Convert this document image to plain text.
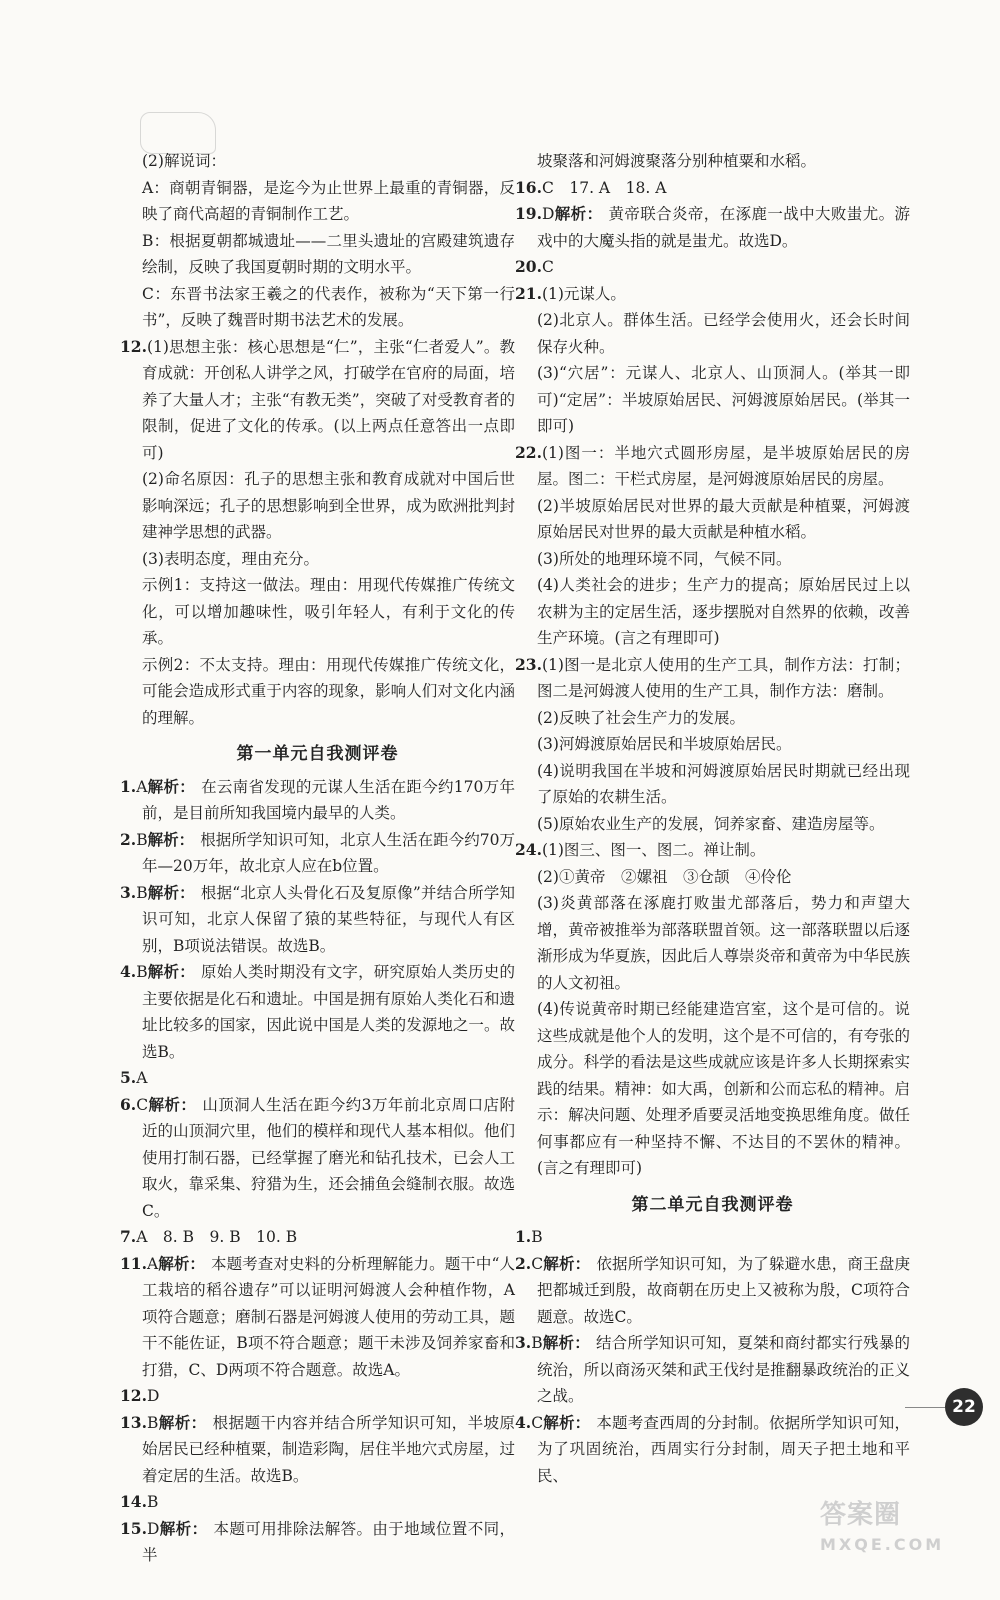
(2)解说词：

A：商朝青铜器，是迄今为止世界上最重的青铜器，反映了商代高超的青铜制作工艺。

B：根据夏朝都城遗址——二里头遗址的宫殿建筑遗存绘制，反映了我国夏朝时期的文明水平。

C：东晋书法家王羲之的代表作，被称为“天下第一行书”，反映了魏晋时期书法艺术的发展。

12.(1)思想主张：核心思想是“仁”，主张“仁者爱人”。教育成就：开创私人讲学之风，打破学在官府的局面，培养了大量人才；主张“有教无类”，突破了对受教育者的限制，促进了文化的传承。(以上两点任意答出一点即可)

(2)命名原因：孔子的思想主张和教育成就对中国后世影响深远；孔子的思想影响到全世界，成为欧洲批判封建神学思想的武器。

(3)表明态度，理由充分。

示例1：支持这一做法。理由：用现代传媒推广传统文化，可以增加趣味性，吸引年轻人，有利于文化的传承。

示例2：不太支持。理由：用现代传媒推广传统文化，可能会造成形式重于内容的现象，影响人们对文化内涵的理解。

第一单元自我测评卷

1.A解析： 在云南省发现的元谋人生活在距今约170万年前，是目前所知我国境内最早的人类。

2.B解析： 根据所学知识可知，北京人生活在距今约70万年—20万年，故北京人应在b位置。

3.B解析： 根据“北京人头骨化石及复原像”并结合所学知识可知，北京人保留了猿的某些特征，与现代人有区别，B项说法错误。故选B。

4.B解析： 原始人类时期没有文字，研究原始人类历史的主要依据是化石和遗址。中国是拥有原始人类化石和遗址比较多的国家，因此说中国是人类的发源地之一。故选B。

5.A　

6.C解析： 山顶洞人生活在距今约3万年前北京周口店附近的山顶洞穴里，他们的模样和现代人基本相似。他们使用打制石器，已经掌握了磨光和钻孔技术，已会人工取火，靠采集、狩猎为生，还会捕鱼会缝制衣服。故选C。

7.A　 8. B　9. B　10. B

11.A解析： 本题考查对史料的分析理解能力。题干中“人工栽培的稻谷遗存”可以证明河姆渡人会种植作物，A项符合题意；磨制石器是河姆渡人使用的劳动工具，题干不能佐证，B项不符合题意；题干未涉及饲养家畜和打猎，C、D两项不符合题意。故选A。

12.D　

13.B解析： 根据题干内容并结合所学知识可知，半坡原始居民已经种植粟，制造彩陶，居住半地穴式房屋，过着定居的生活。故选B。

14.B　

15.D解析： 本题可用排除法解答。由于地域位置不同，半

坡聚落和河姆渡聚落分别种植粟和水稻。

16.C　 17. A　18. A

19.D解析： 黄帝联合炎帝，在涿鹿一战中大败蚩尤。游戏中的大魔头指的就是蚩尤。故选D。

20.C　

21.(1)元谋人。

(2)北京人。群体生活。已经学会使用火，还会长时间保存火种。

(3)“穴居”：元谋人、北京人、山顶洞人。(举其一即可)“定居”：半坡原始居民、河姆渡原始居民。(举其一即可)

22.(1)图一：半地穴式圆形房屋，是半坡原始居民的房屋。图二：干栏式房屋，是河姆渡原始居民的房屋。

(2)半坡原始居民对世界的最大贡献是种植粟，河姆渡原始居民对世界的最大贡献是种植水稻。

(3)所处的地理环境不同，气候不同。

(4)人类社会的进步；生产力的提高；原始居民过上以农耕为主的定居生活，逐步摆脱对自然界的依赖，改善生产环境。(言之有理即可)

23.(1)图一是北京人使用的生产工具，制作方法：打制；图二是河姆渡人使用的生产工具，制作方法：磨制。

(2)反映了社会生产力的发展。

(3)河姆渡原始居民和半坡原始居民。

(4)说明我国在半坡和河姆渡原始居民时期就已经出现了原始的农耕生活。

(5)原始农业生产的发展，饲养家畜、建造房屋等。

24.(1)图三、图一、图二。禅让制。

(2)①黄帝　②嫘祖　③仓颉　④伶伦

(3)炎黄部落在涿鹿打败蚩尤部落后，势力和声望大增，黄帝被推举为部落联盟首领。这一部落联盟以后逐渐形成为华夏族，因此后人尊崇炎帝和黄帝为中华民族的人文初祖。

(4)传说黄帝时期已经能建造宫室，这个是可信的。说这些成就是他个人的发明，这个是不可信的，有夸张的成分。科学的看法是这些成就应该是许多人长期探索实践的结果。精神：如大禹，创新和公而忘私的精神。启示：解决问题、处理矛盾要灵活地变换思维角度。做任何事都应有一种坚持不懈、不达目的不罢休的精神。(言之有理即可)

第二单元自我测评卷

1.B　

2.C解析： 依据所学知识可知，为了躲避水患，商王盘庚把都城迁到殷，故商朝在历史上又被称为殷，C项符合题意。故选C。

3.B解析： 结合所学知识可知，夏桀和商纣都实行残暴的统治，所以商汤灭桀和武王伐纣是推翻暴政统治的正义之战。

4.C解析： 本题考查西周的分封制。依据所学知识可知，为了巩固统治，西周实行分封制，周天子把土地和平民、

22
答案圈
MXQE.COM
